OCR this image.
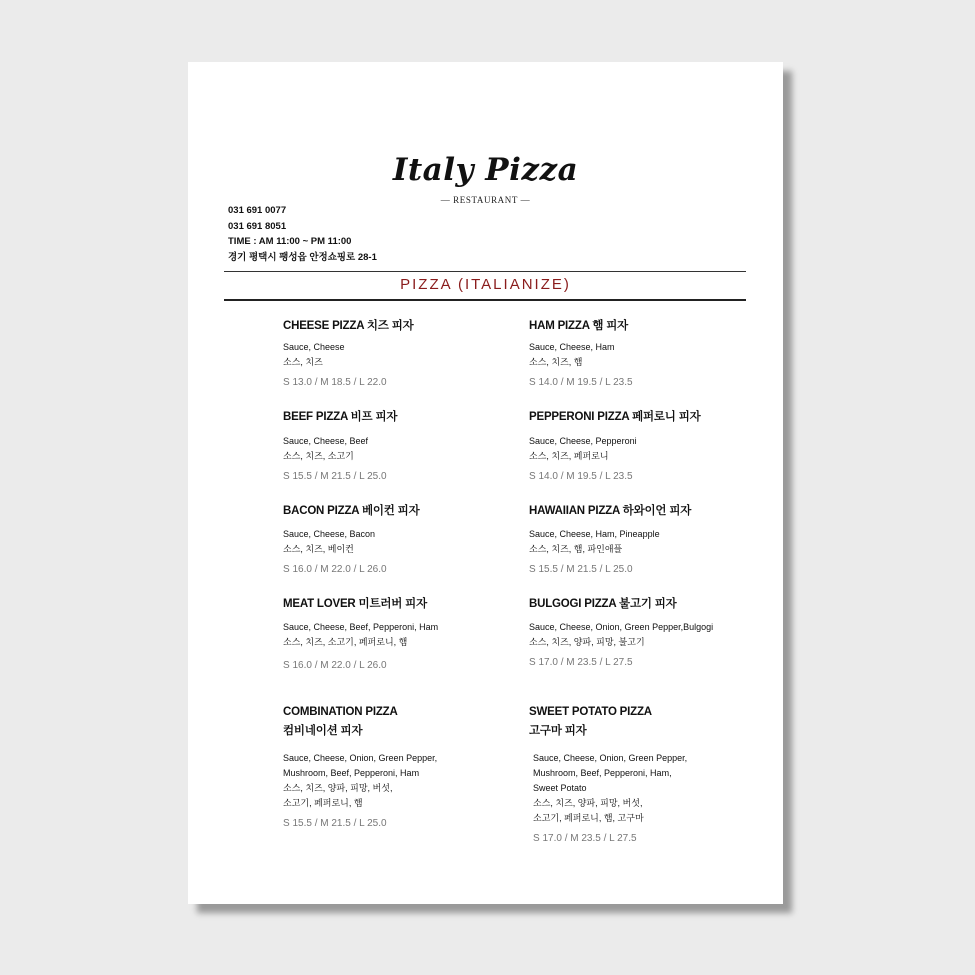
Italy Pizza
— RESTAURANT —
031 691 0077
031 691 8051
TIME : AM 11:00 ~ PM 11:00
경기 평택시 팽성읍 안정쇼핑로 28-1
PIZZA (ITALIANIZE)
CHEESE PIZZA 치즈 피자
Sauce, Cheese
소스, 치즈
S 13.0 / M 18.5 / L 22.0
HAM PIZZA 햄 피자
Sauce, Cheese, Ham
소스, 치즈, 햄
S 14.0 / M 19.5 / L 23.5
BEEF PIZZA 비프 피자
Sauce, Cheese, Beef
소스, 치즈, 소고기
S 15.5 / M 21.5 / L 25.0
PEPPERONI PIZZA 페퍼로니 피자
Sauce, Cheese, Pepperoni
소스, 치즈, 페퍼로니
S 14.0 / M 19.5 / L 23.5
BACON PIZZA 베이컨 피자
Sauce, Cheese, Bacon
소스, 치즈, 베이컨
S 16.0 / M 22.0 / L 26.0
HAWAIIAN PIZZA 하와이언 피자
Sauce, Cheese, Ham, Pineapple
소스, 치즈, 햄, 파인애플
S 15.5 / M 21.5 / L 25.0
MEAT LOVER 미트러버 피자
Sauce, Cheese, Beef, Pepperoni, Ham
소스, 치즈, 소고기, 페퍼로니, 햄
S 16.0 / M 22.0 / L 26.0
BULGOGI PIZZA 불고기 피자
Sauce, Cheese, Onion, Green Pepper,Bulgogi
소스, 치즈, 양파, 피망, 불고기
S 17.0 / M 23.5 / L 27.5
COMBINATION PIZZA
컴비네이션 피자
Sauce, Cheese, Onion, Green Pepper,
Mushroom, Beef, Pepperoni, Ham
소스, 치즈, 양파, 피망, 버섯,
소고기, 페퍼로니, 햄
S 15.5 / M 21.5 / L 25.0
SWEET POTATO PIZZA
고구마 피자
Sauce, Cheese, Onion, Green Pepper,
Mushroom, Beef, Pepperoni, Ham,
Sweet Potato
소스, 치즈, 양파, 피망, 버섯,
소고기, 페퍼로니, 햄, 고구마
S 17.0 / M 23.5 / L 27.5
